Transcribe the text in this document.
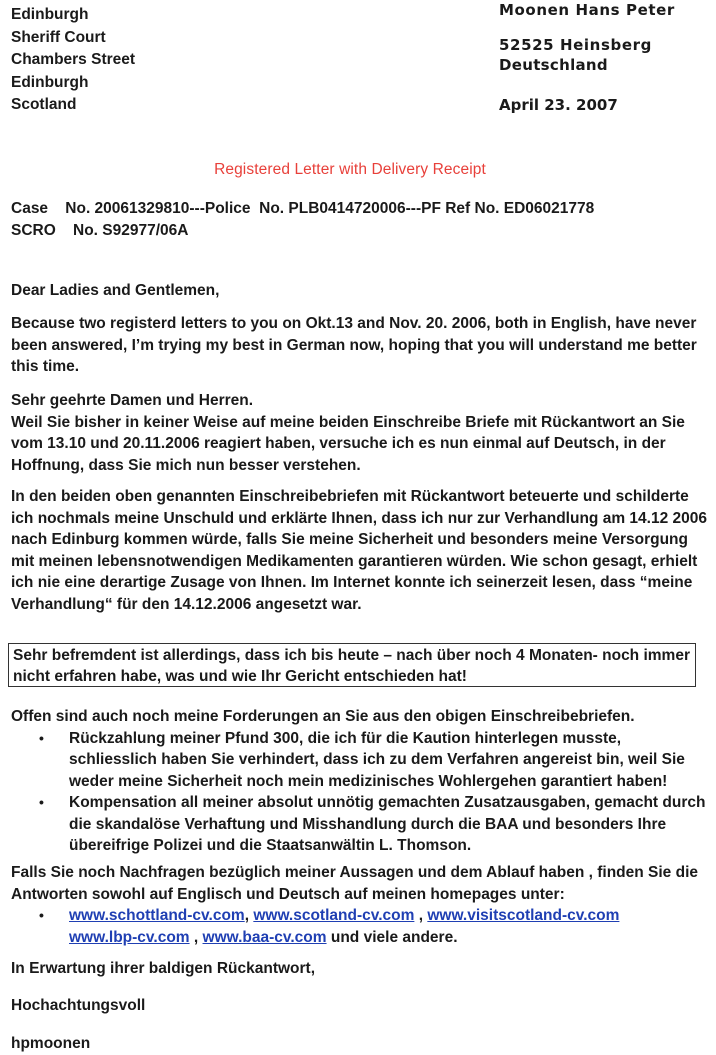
Edinburgh
Sheriff Court
Chambers Street
Edinburgh
Scotland
Moonen Hans Peter
52525 Heinsberg
Deutschland
April 23. 2007
Registered Letter with Delivery Receipt
Case    No. 20061329810---Police  No. PLB0414720006---PF Ref No. ED06021778
SCRO    No. S92977/06A
Dear Ladies and Gentlemen,
Because two registerd letters to you on Okt.13 and Nov. 20. 2006, both in English, have never been answered, I’m trying my best in German now, hoping that you will understand me better this time.
Sehr geehrte Damen und Herren.
Weil Sie bisher in keiner Weise auf meine beiden Einschreibe Briefe mit Rückantwort an Sie vom 13.10 und 20.11.2006 reagiert haben, versuche ich es nun einmal auf Deutsch, in der Hoffnung, dass Sie mich nun besser verstehen.
In den beiden oben genannten Einschreibebriefen mit Rückantwort beteuerte und schilderte ich nochmals meine Unschuld und erklärte Ihnen, dass ich nur zur Verhandlung am 14.12 2006 nach Edinburg kommen würde, falls Sie meine Sicherheit und besonders meine Versorgung mit meinen lebensnotwendigen Medikamenten garantieren würden. Wie schon gesagt, erhielt ich nie eine derartige Zusage von Ihnen. Im Internet konnte ich seinerzeit lesen, dass “meine Verhandlung“ für den 14.12.2006 angesetzt war.
Sehr befremdent ist allerdings, dass ich bis heute – nach über noch 4 Monaten- noch immer nicht erfahren habe, was und wie Ihr Gericht entschieden hat!
Offen sind auch noch meine Forderungen an Sie aus den obigen Einschreibebriefen.
• Rückzahlung meiner Pfund 300, die ich für die Kaution hinterlegen musste, schliesslich haben Sie verhindert, dass ich zu dem Verfahren angereist bin, weil Sie weder meine Sicherheit noch mein medizinisches Wohlergehen garantiert haben!
• Kompensation all meiner absolut unnötig gemachten Zusatzausgaben, gemacht durch die skandalöse Verhaftung und Misshandlung durch die BAA und besonders Ihre übereifrige Polizei und die Staatsanwältin L. Thomson.
Falls Sie noch Nachfragen bezüglich meiner Aussagen und dem Ablauf haben , finden Sie die Antworten sowohl auf Englisch und Deutsch auf meinen homepages unter:
• www.schottland-cv.com, www.scotland-cv.com , www.visitscotland-cv.com
www.lbp-cv.com , www.baa-cv.com und viele andere.
In Erwartung ihrer baldigen Rückantwort,
Hochachtungsvoll
hpmoonen
